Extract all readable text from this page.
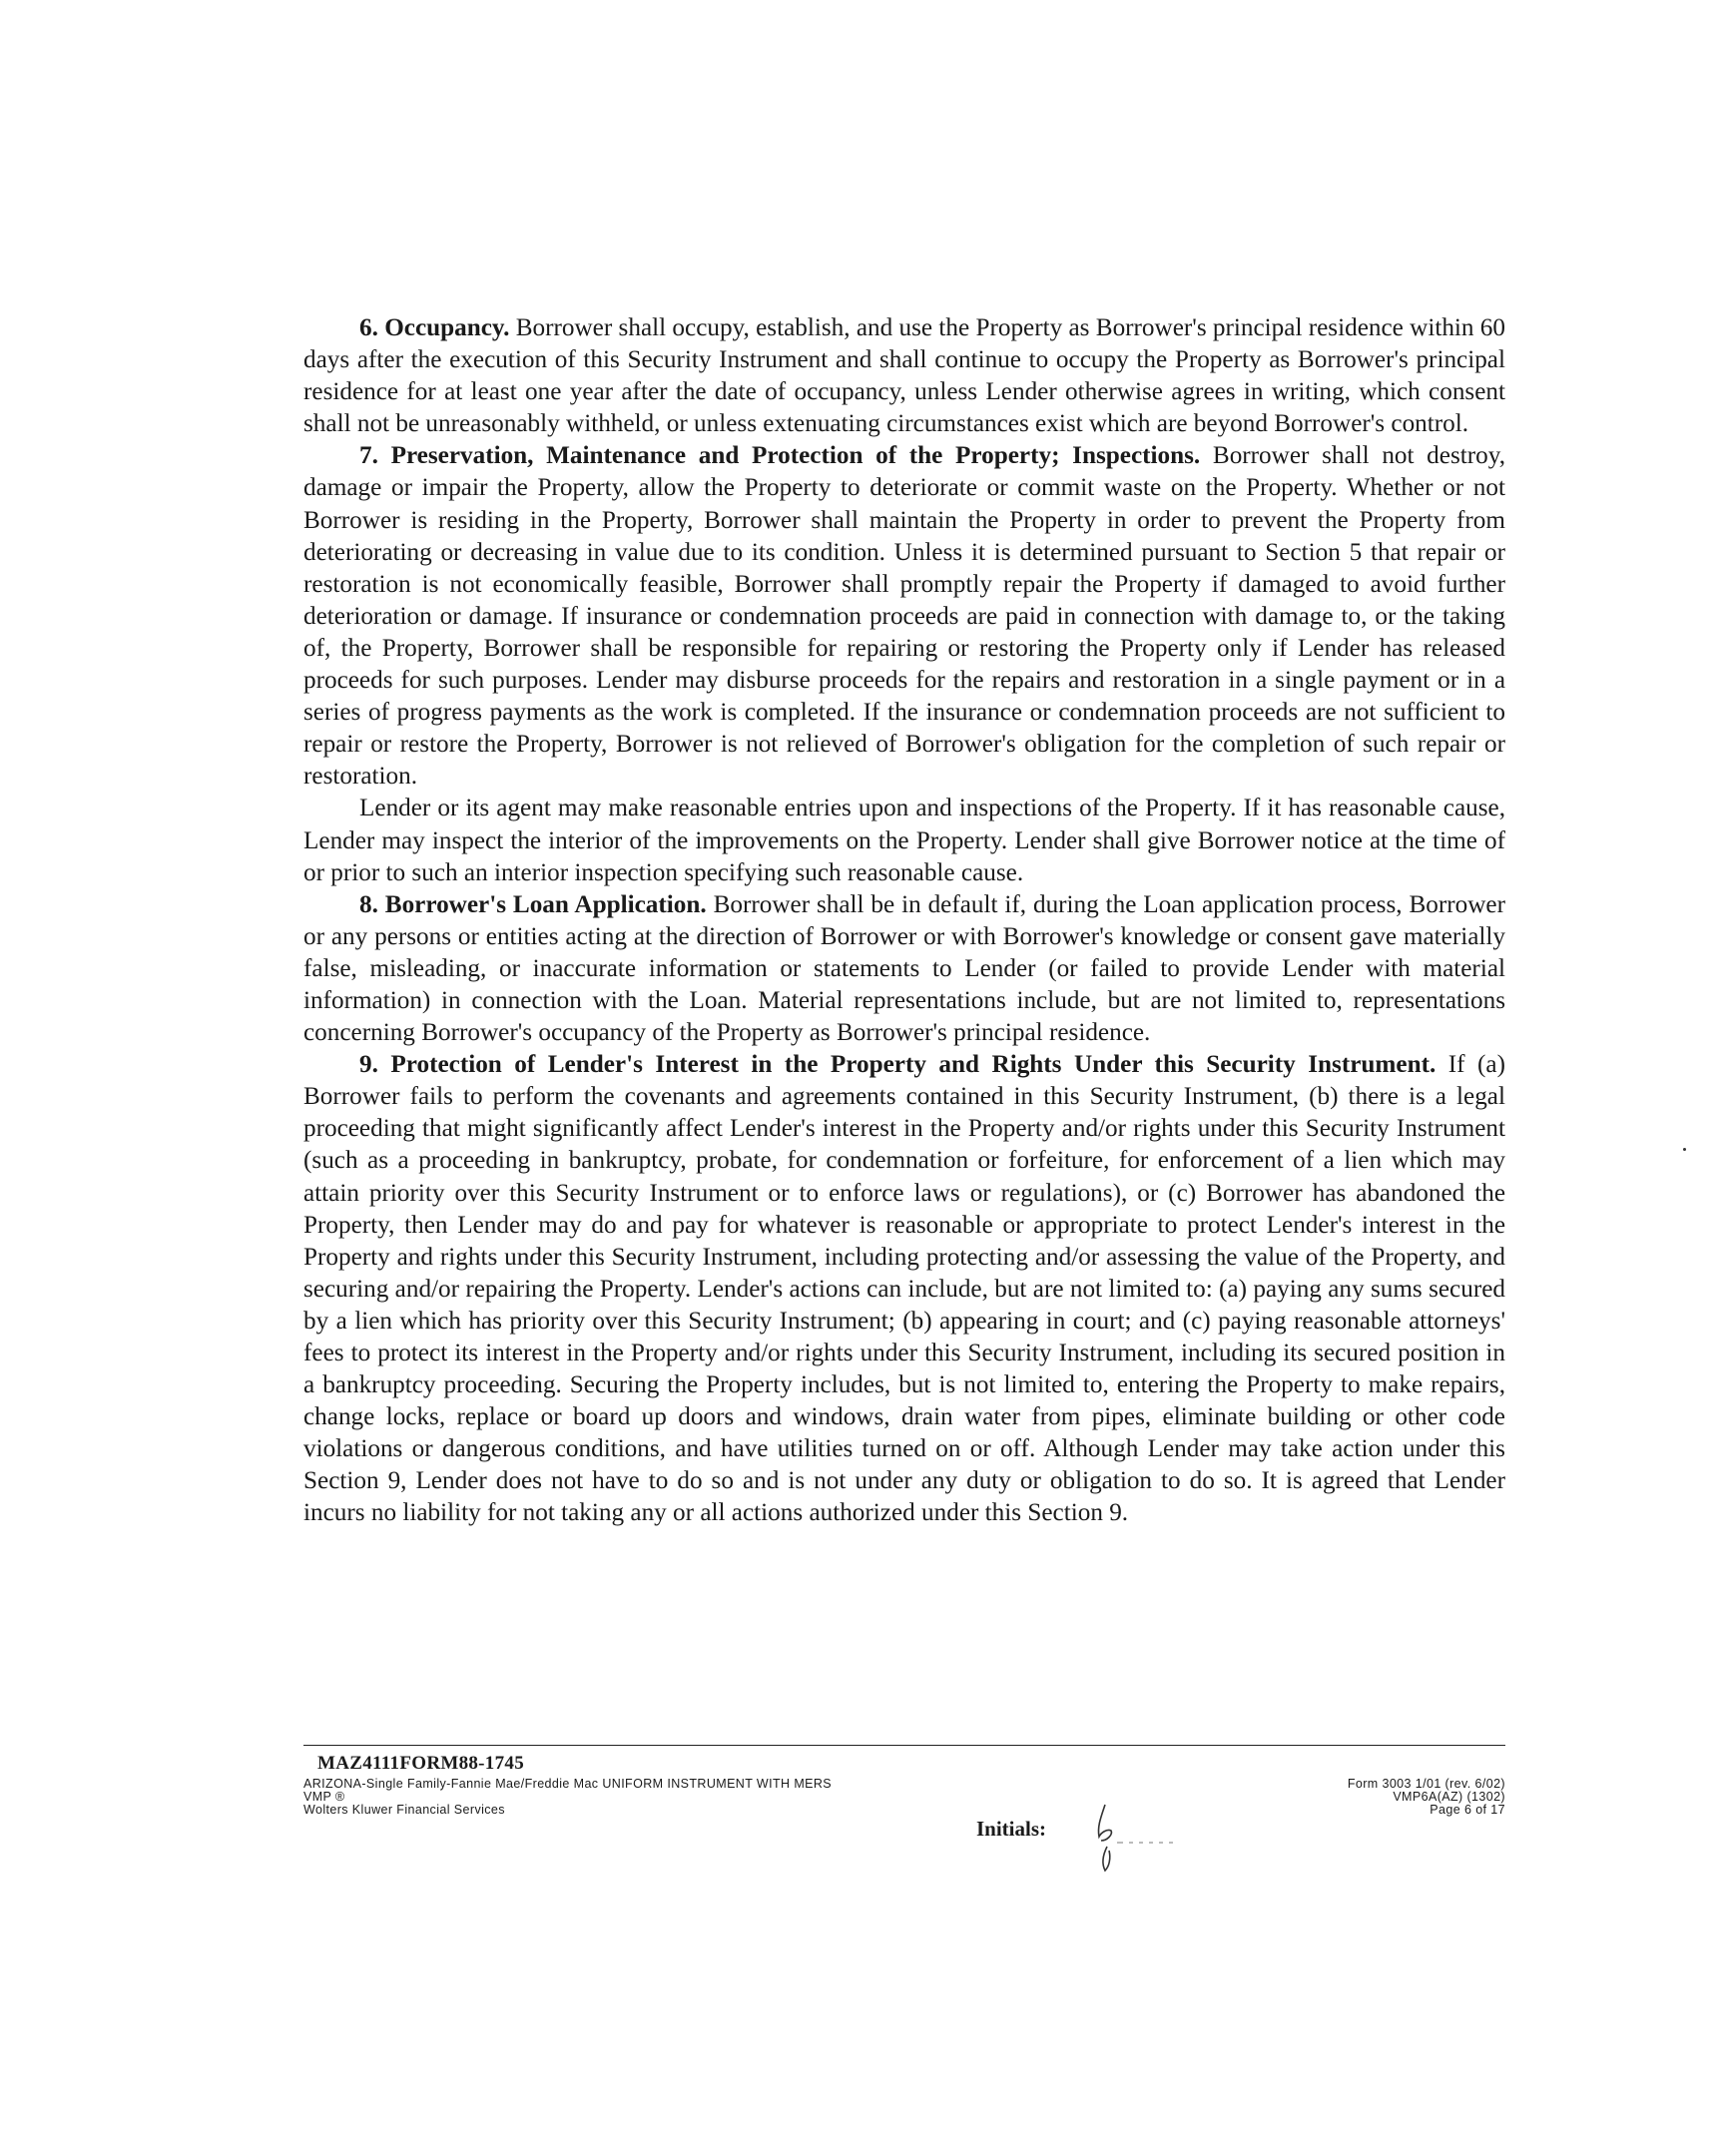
6. Occupancy. Borrower shall occupy, establish, and use the Property as Borrower's principal residence within 60 days after the execution of this Security Instrument and shall continue to occupy the Property as Borrower's principal residence for at least one year after the date of occupancy, unless Lender otherwise agrees in writing, which consent shall not be unreasonably withheld, or unless extenuating circumstances exist which are beyond Borrower's control.

7. Preservation, Maintenance and Protection of the Property; Inspections. Borrower shall not destroy, damage or impair the Property, allow the Property to deteriorate or commit waste on the Property. Whether or not Borrower is residing in the Property, Borrower shall maintain the Property in order to prevent the Property from deteriorating or decreasing in value due to its condition. Unless it is determined pursuant to Section 5 that repair or restoration is not economically feasible, Borrower shall promptly repair the Property if damaged to avoid further deterioration or damage. If insurance or condemnation proceeds are paid in connection with damage to, or the taking of, the Property, Borrower shall be responsible for repairing or restoring the Property only if Lender has released proceeds for such purposes. Lender may disburse proceeds for the repairs and restoration in a single payment or in a series of progress payments as the work is completed. If the insurance or condemnation proceeds are not sufficient to repair or restore the Property, Borrower is not relieved of Borrower's obligation for the completion of such repair or restoration.

Lender or its agent may make reasonable entries upon and inspections of the Property. If it has reasonable cause, Lender may inspect the interior of the improvements on the Property. Lender shall give Borrower notice at the time of or prior to such an interior inspection specifying such reasonable cause.

8. Borrower's Loan Application. Borrower shall be in default if, during the Loan application process, Borrower or any persons or entities acting at the direction of Borrower or with Borrower's knowledge or consent gave materially false, misleading, or inaccurate information or statements to Lender (or failed to provide Lender with material information) in connection with the Loan. Material representations include, but are not limited to, representations concerning Borrower's occupancy of the Property as Borrower's principal residence.

9. Protection of Lender's Interest in the Property and Rights Under this Security Instrument. If (a) Borrower fails to perform the covenants and agreements contained in this Security Instrument, (b) there is a legal proceeding that might significantly affect Lender's interest in the Property and/or rights under this Security Instrument (such as a proceeding in bankruptcy, probate, for condemnation or forfeiture, for enforcement of a lien which may attain priority over this Security Instrument or to enforce laws or regulations), or (c) Borrower has abandoned the Property, then Lender may do and pay for whatever is reasonable or appropriate to protect Lender's interest in the Property and rights under this Security Instrument, including protecting and/or assessing the value of the Property, and securing and/or repairing the Property. Lender's actions can include, but are not limited to: (a) paying any sums secured by a lien which has priority over this Security Instrument; (b) appearing in court; and (c) paying reasonable attorneys' fees to protect its interest in the Property and/or rights under this Security Instrument, including its secured position in a bankruptcy proceeding. Securing the Property includes, but is not limited to, entering the Property to make repairs, change locks, replace or board up doors and windows, drain water from pipes, eliminate building or other code violations or dangerous conditions, and have utilities turned on or off. Although Lender may take action under this Section 9, Lender does not have to do so and is not under any duty or obligation to do so. It is agreed that Lender incurs no liability for not taking any or all actions authorized under this Section 9.

MAZ4111FORM88-1745
ARIZONA-Single Family-Fannie Mae/Freddie Mac UNIFORM INSTRUMENT WITH MERS
VMP ®
Wolters Kluwer Financial Services
Initials:
Form 3003 1/01 (rev. 6/02)
VMP6A(AZ) (1302)
Page 6 of 17
